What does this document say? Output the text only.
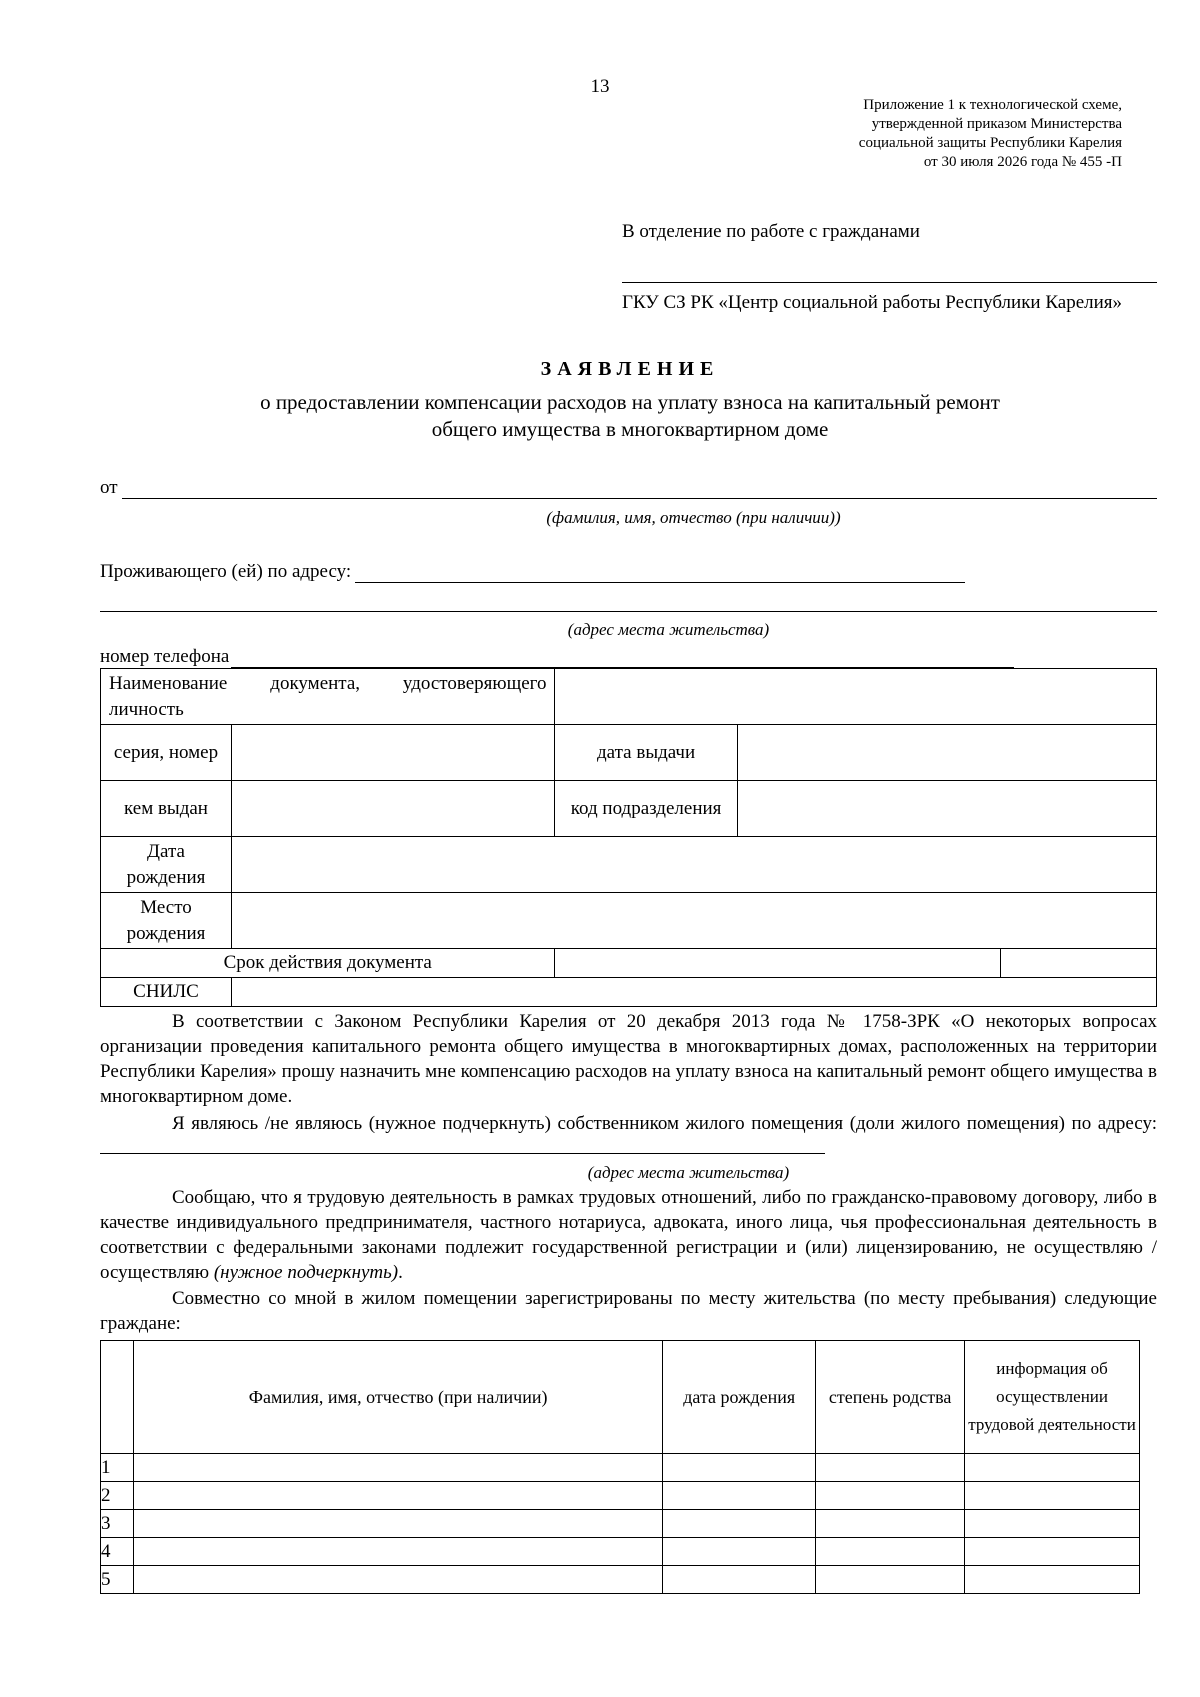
13
Приложение 1 к технологической схеме,
утвержденной приказом Министерства
социальной защиты Республики Карелия
от 30 июля 2026 года № 455 -П
В отделение по работе с гражданами
ГКУ СЗ РК «Центр социальной работы Республики Карелия»
ЗАЯВЛЕНИЕ
о предоставлении компенсации расходов на уплату взноса на капитальный ремонт
общего имущества в многоквартирном доме
от
(фамилия, имя, отчество (при наличии))
Проживающего (ей) по адресу:
(адрес места жительства)
номер телефона
Наименование документа, удостоверяющего личность				

серия, номер		дата выдачи		
кем выдан		код подразделения		
Дата рождения				
Место рождения				
Срок действия документа				
СНИЛС				
В соответствии с Законом Республики Карелия от 20 декабря 2013 года № 1758-ЗРК «О некоторых вопросах организации проведения капитального ремонта общего имущества в многоквартирных домах, расположенных на территории Республики Карелия» прошу назначить мне компенсацию расходов на уплату взноса на капитальный ремонт общего имущества в многоквартирном доме.
Я являюсь /не являюсь (нужное подчеркнуть) собственником жилого помещения (доли жилого помещения) по адресу:
(адрес места жительства)
Сообщаю, что я трудовую деятельность в рамках трудовых отношений, либо по гражданско-правовому договору, либо в качестве индивидуального предпринимателя, частного нотариуса, адвоката, иного лица, чья профессиональная деятельность в соответствии с федеральными законами подлежит государственной регистрации и (или) лицензированию, не осуществляю / осуществляю (нужное подчеркнуть).
Совместно со мной в жилом помещении зарегистрированы по месту жительства (по месту пребывания) следующие граждане:
	Фамилия, имя, отчество (при наличии)	дата рождения	степень родства	информация об осуществлении трудовой деятельности
1				
2				
3				
4				
5				
